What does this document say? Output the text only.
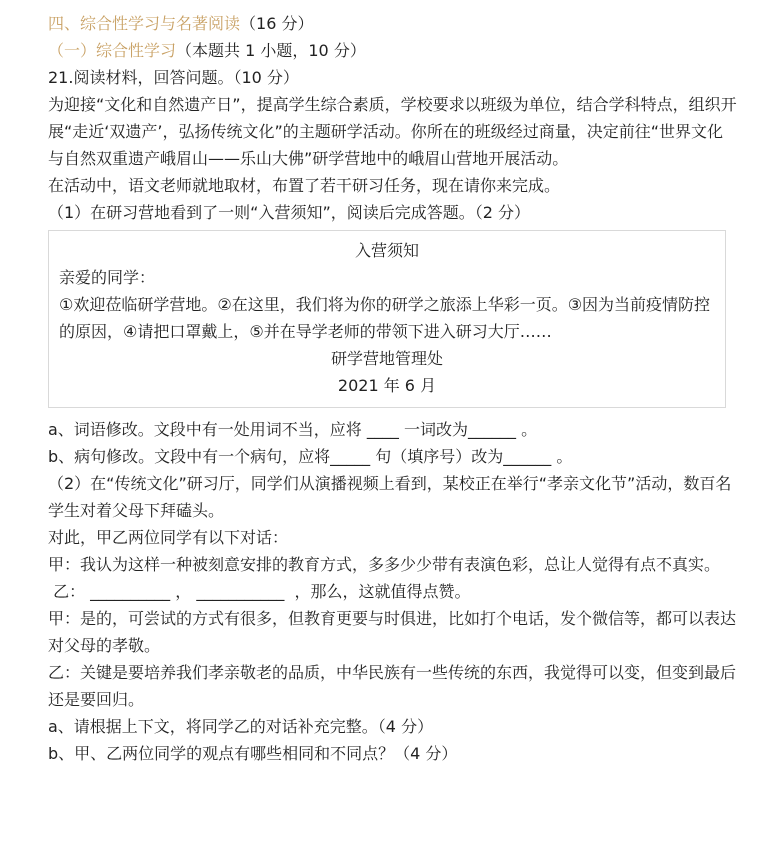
四、综合性学习与名著阅读（16 分）
（一）综合性学习（本题共 1 小题，10 分）
21.阅读材料，回答问题。（10 分）
为迎接“文化和自然遗产日”，提高学生综合素质，学校要求以班级为单位，结合学科特点，组织开展“走近‘双遗产’，弘扬传统文化”的主题研学活动。你所在的班级经过商量，决定前往“世界文化与自然双重遗产峨眉山——乐山大佛”研学营地中的峨眉山营地开展活动。
在活动中，语文老师就地取材，布置了若干研习任务，现在请你来完成。
（1）在研习营地看到了一则“入营须知”，阅读后完成答题。（2 分）
入营须知
亲爱的同学：
①欢迎莅临研学营地。②在这里，我们将为你的研学之旅添上华彩一页。③因为当前疫情防控的原因，④请把口罩戴上，⑤并在导学老师的带领下进入研习大厅……
研学营地管理处
2021 年 6 月
a、词语修改。文段中有一处用词不当，应将 ____ 一词改为______ 。
b、病句修改。文段中有一个病句，应将_____ 句（填序号）改为______ 。
（2）在“传统文化”研习厅，同学们从演播视频上看到，某校正在举行“孝亲文化节”活动，数百名学生对着父母下拜磕头。
对此，甲乙两位同学有以下对话：
甲：我认为这样一种被刻意安排的教育方式，多多少少带有表演色彩，总让人觉得有点不真实。
乙： __________ ， ___________  ，那么，这就值得点赞。
甲：是的，可尝试的方式有很多，但教育更要与时俱进，比如打个电话，发个微信等，都可以表达对父母的孝敬。
乙：关键是要培养我们孝亲敬老的品质，中华民族有一些传统的东西，我觉得可以变，但变到最后还是要回归。
a、请根据上下文，将同学乙的对话补充完整。（4 分）
b、甲、乙两位同学的观点有哪些相同和不同点？（4 分）
